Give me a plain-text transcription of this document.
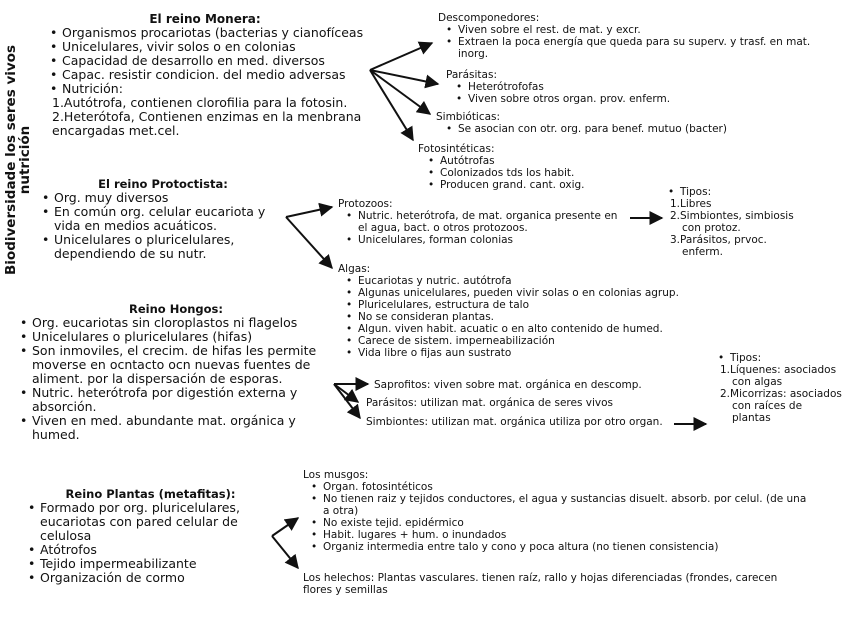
Biodiversidade los seres vivos
nutrición
El reino Monera:
• Organismos procariotas (bacterias y cianofíceas
• Unicelulares, vivir solos o en colonias
• Capacidad de desarrollo en med. diversos
• Capac. resistir condicion. del medio adversas
• Nutrición:
1.Autótrofa, contienen clorofilia para la fotosin.
2.Heterótofa, Contienen enzimas en la menbrana encargadas met.cel.
Descomponedores:
• Viven sobre el rest. de mat. y excr.
• Extraen la poca energía que queda para su superv. y trasf. en mat. inorg.
Parásitas:
• Heterótrofofas
• Viven sobre otros organ. prov. enferm.
Simbióticas:
• Se asocian con otr. org. para benef. mutuo (bacter)
Fotosintéticas:
• Autótrofas
• Colonizados tds los habit.
• Producen grand. cant. oxig.
El reino Protoctista:
• Org. muy diversos
• En común org. celular eucariota y vida en medios acuáticos.
• Unicelulares o pluricelulares, dependiendo de su nutr.
Protozoos:
• Nutric. heterótrofa, de mat. organica presente en el agua, bact. o otros protozoos.
• Unicelulares, forman colonias
• Tipos:
1.Libres
2.Simbiontes, simbiosis con protoz.
3.Parásitos, prvoc. enferm.
Algas:
• Eucariotas y nutric. autótrofa
• Algunas unicelulares, pueden vivir solas o en colonias agrup.
• Pluricelulares, estructura de talo
• No se consideran plantas.
• Algun. viven habit. acuatic o en alto contenido de humed.
• Carece de sistem. imperneabilización
• Vida libre o fijas aun sustrato
Reino Hongos:
• Org. eucariotas sin cloroplastos ni flagelos
• Unicelulares o pluricelulares (hifas)
• Son inmoviles, el crecim. de hifas les permite moverse en ocntacto ocn nuevas fuentes de aliment. por la dispersación de esporas.
• Nutric. heterótrofa por digestión externa y absorción.
• Viven en med. abundante mat. orgánica y humed.
Saprofitos: viven sobre mat. orgánica en descomp.
Parásitos: utilizan mat. orgánica de seres vivos
Simbiontes: utilizan mat. orgánica utiliza por otro organ.
• Tipos:
1.Líquenes: asociados con algas
2.Micorrizas: asociados con raíces de plantas
Reino Plantas (metafitas):
• Formado por org. pluricelulares, eucariotas con pared celular de celulosa
• Atótrofos
• Tejido impermeabilizante
• Organización de cormo
Los musgos:
• Organ. fotosintéticos
• No tienen raiz y tejidos conductores, el agua y sustancias disuelt. absorb. por celul. (de una a otra)
• No existe tejid. epidérmico
• Habit. lugares + hum. o inundados
• Organiz intermedia entre talo y cono y poca altura (no tienen consistencia)
Los helechos: Plantas vasculares. tienen raíz, rallo y hojas diferenciadas (frondes, carecen flores y semillas
